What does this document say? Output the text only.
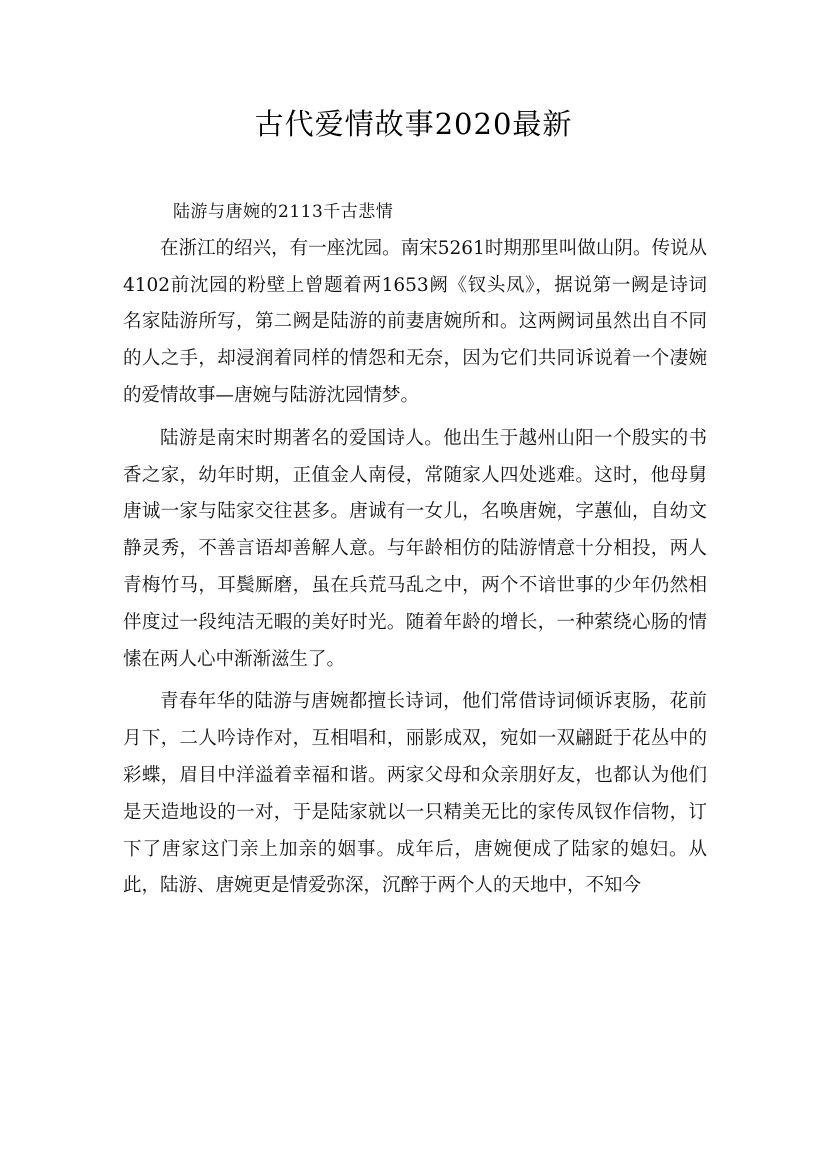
古代爱情故事2020最新

陆游与唐婉的2113千古悲情

在浙江的绍兴，有一座沈园。南宋5261时期那里叫做山阴。传说从4102前沈园的粉壁上曾题着两1653阙《钗头凤》，据说第一阙是诗词名家陆游所写，第二阙是陆游的前妻唐婉所和。这两阙词虽然出自不同的人之手，却浸润着同样的情怨和无奈，因为它们共同诉说着一个凄婉的爱情故事—唐婉与陆游沈园情梦。

陆游是南宋时期著名的爱国诗人。他出生于越州山阳一个殷实的书香之家，幼年时期，正值金人南侵，常随家人四处逃难。这时，他母舅唐诚一家与陆家交往甚多。唐诚有一女儿，名唤唐婉，字蕙仙，自幼文静灵秀，不善言语却善解人意。与年龄相仿的陆游情意十分相投，两人青梅竹马，耳鬓厮磨，虽在兵荒马乱之中，两个不谙世事的少年仍然相伴度过一段纯洁无暇的美好时光。随着年龄的增长，一种萦绕心肠的情愫在两人心中渐渐滋生了。

青春年华的陆游与唐婉都擅长诗词，他们常借诗词倾诉衷肠，花前月下，二人吟诗作对，互相唱和，丽影成双，宛如一双翩跹于花丛中的彩蝶，眉目中洋溢着幸福和谐。两家父母和众亲朋好友，也都认为他们是天造地设的一对，于是陆家就以一只精美无比的家传凤钗作信物，订下了唐家这门亲上加亲的姻事。成年后，唐婉便成了陆家的媳妇。从此，陆游、唐婉更是情爱弥深，沉醉于两个人的天地中，不知今
